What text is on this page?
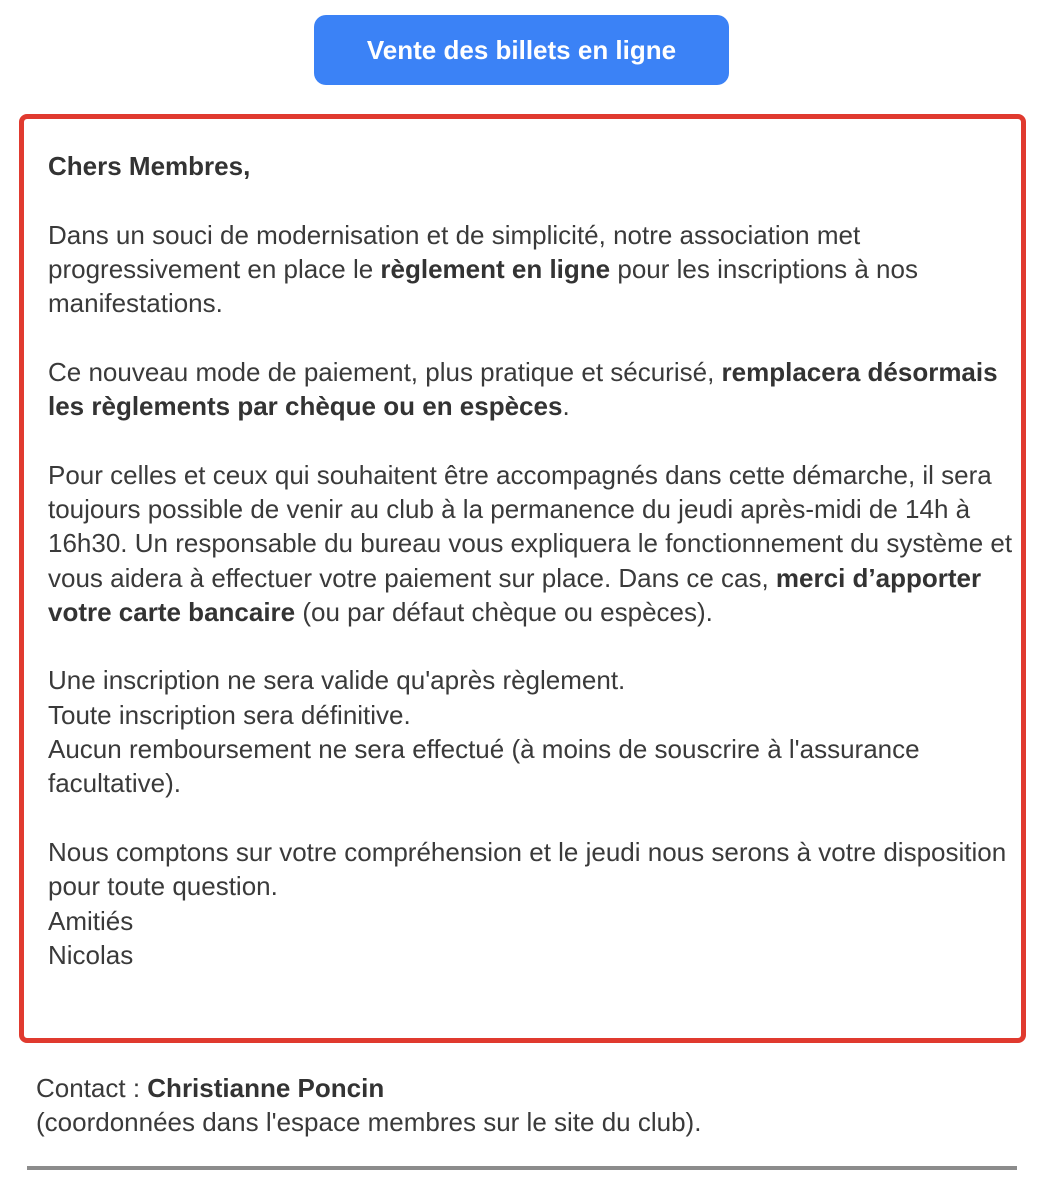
Vente des billets en ligne

Chers Membres,

Dans un souci de modernisation et de simplicité, notre association met progressivement en place le règlement en ligne pour les inscriptions à nos manifestations.

Ce nouveau mode de paiement, plus pratique et sécurisé, remplacera désormais les règlements par chèque ou en espèces.

Pour celles et ceux qui souhaitent être accompagnés dans cette démarche, il sera toujours possible de venir au club à la permanence du jeudi après-midi de 14h à 16h30. Un responsable du bureau vous expliquera le fonctionnement du système et vous aidera à effectuer votre paiement sur place. Dans ce cas, merci d’apporter votre carte bancaire (ou par défaut chèque ou espèces).

Une inscription ne sera valide qu'après règlement.
Toute inscription sera définitive.
Aucun remboursement ne sera effectué (à moins de souscrire à l'assurance facultative).

Nous comptons sur votre compréhension et le jeudi nous serons à votre disposition pour toute question.
Amitiés
Nicolas

Contact : Christianne Poncin
(coordonnées dans l'espace membres sur le site du club).
